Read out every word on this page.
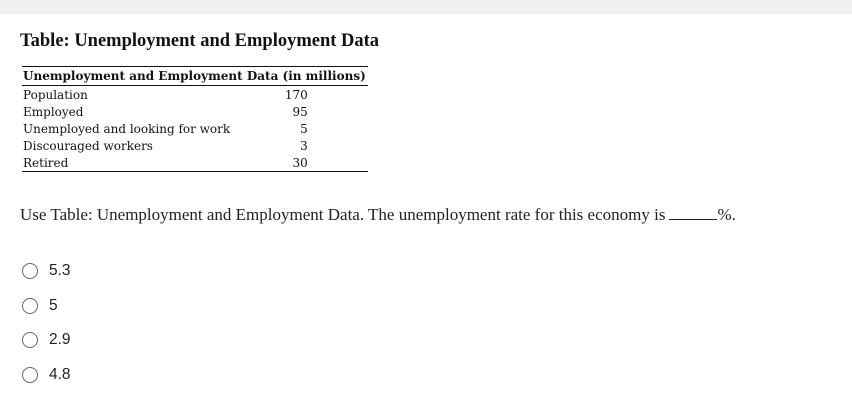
Table: Unemployment and Employment Data
Unemployment and Employment Data (in millions)	
Population	170
Employed	95
Unemployed and looking for work	5
Discouraged workers	3
Retired	30
Use Table: Unemployment and Employment Data. The unemployment rate for this economy is	%.
5.3
5
2.9
4.8
